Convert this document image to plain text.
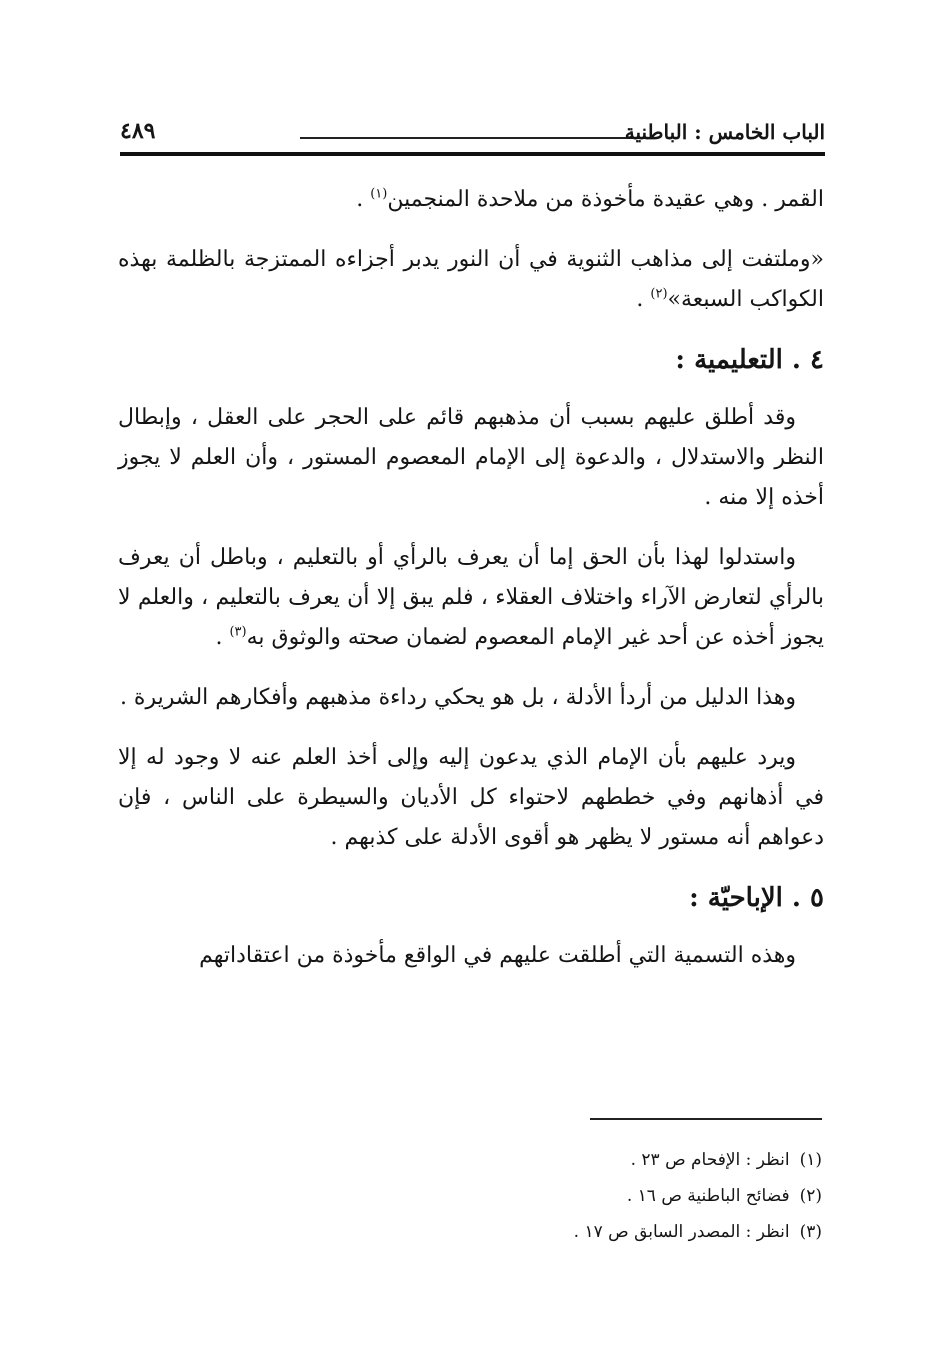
٤٨٩	الباب الخامس : الباطنية

القمر . وهي عقيدة مأخوذة من ملاحدة المنجمين$^{(١)}$ .

«وملتفت إلى مذاهب الثنوية في أن النور يدبر أجزاءه الممتزجة بالظلمة بهذه الكواكب السبعة»$^{(٢)}$ .

٤ . التعليمية :

وقد أطلق عليهم بسبب أن مذهبهم قائم على الحجر على العقل ، وإبطال النظر والاستدلال ، والدعوة إلى الإمام المعصوم المستور ، وأن العلم لا يجوز أخذه إلا منه .

واستدلوا لهذا بأن الحق إما أن يعرف بالرأي أو بالتعليم ، وباطل أن يعرف بالرأي لتعارض الآراء واختلاف العقلاء ، فلم يبق إلا أن يعرف بالتعليم ، والعلم لا يجوز أخذه عن أحد غير الإمام المعصوم لضمان صحته والوثوق به$^{(٣)}$ .

وهذا الدليل من أردأ الأدلة ، بل هو يحكي رداءة مذهبهم وأفكارهم الشريرة .

ويرد عليهم بأن الإمام الذي يدعون إليه وإلى أخذ العلم عنه لا وجود له إلا في أذهانهم وفي خططهم لاحتواء كل الأديان والسيطرة على الناس ، فإن دعواهم أنه مستور لا يظهر هو أقوى الأدلة على كذبهم .

٥ . الإباحيّة :

وهذه التسمية التي أطلقت عليهم في الواقع مأخوذة من اعتقاداتهم

(١)انظر : الإفحام ص ٢٣ .
(٢)فضائح الباطنية ص ١٦ .
(٣)انظر : المصدر السابق ص ١٧ .
